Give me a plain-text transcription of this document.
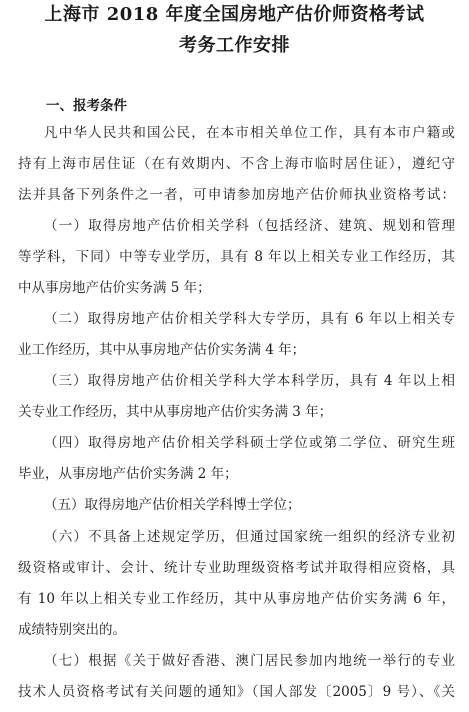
上海市 2018 年度全国房地产估价师资格考试
考务工作安排
一、报考条件
凡中华人民共和国公民，在本市相关单位工作，具有本市户籍或
持有上海市居住证（在有效期内、不含上海市临时居住证），遵纪守
法并具备下列条件之一者，可申请参加房地产估价师执业资格考试：
（一）取得房地产估价相关学科（包括经济、建筑、规划和管理
等学科，下同）中等专业学历，具有 8 年以上相关专业工作经历，其
中从事房地产估价实务满 5 年；
（二）取得房地产估价相关学科大专学历，具有 6 年以上相关专
业工作经历，其中从事房地产估价实务满 4 年；
（三）取得房地产估价相关学科大学本科学历，具有 4 年以上相
关专业工作经历，其中从事房地产估价实务满 3 年；
（四）取得房地产估价相关学科硕士学位或第二学位、研究生班
毕业，从事房地产估价实务满 2 年；
（五）取得房地产估价相关学科博士学位；
（六）不具备上述规定学历，但通过国家统一组织的经济专业初
级资格或审计、会计、统计专业助理级资格考试并取得相应资格，具
有 10 年以上相关专业工作经历，其中从事房地产估价实务满 6 年，
成绩特别突出的。
（七）根据《关于做好香港、澳门居民参加内地统一举行的专业
技术人员资格考试有关问题的通知》（国人部发〔2005〕9 号）、《关
